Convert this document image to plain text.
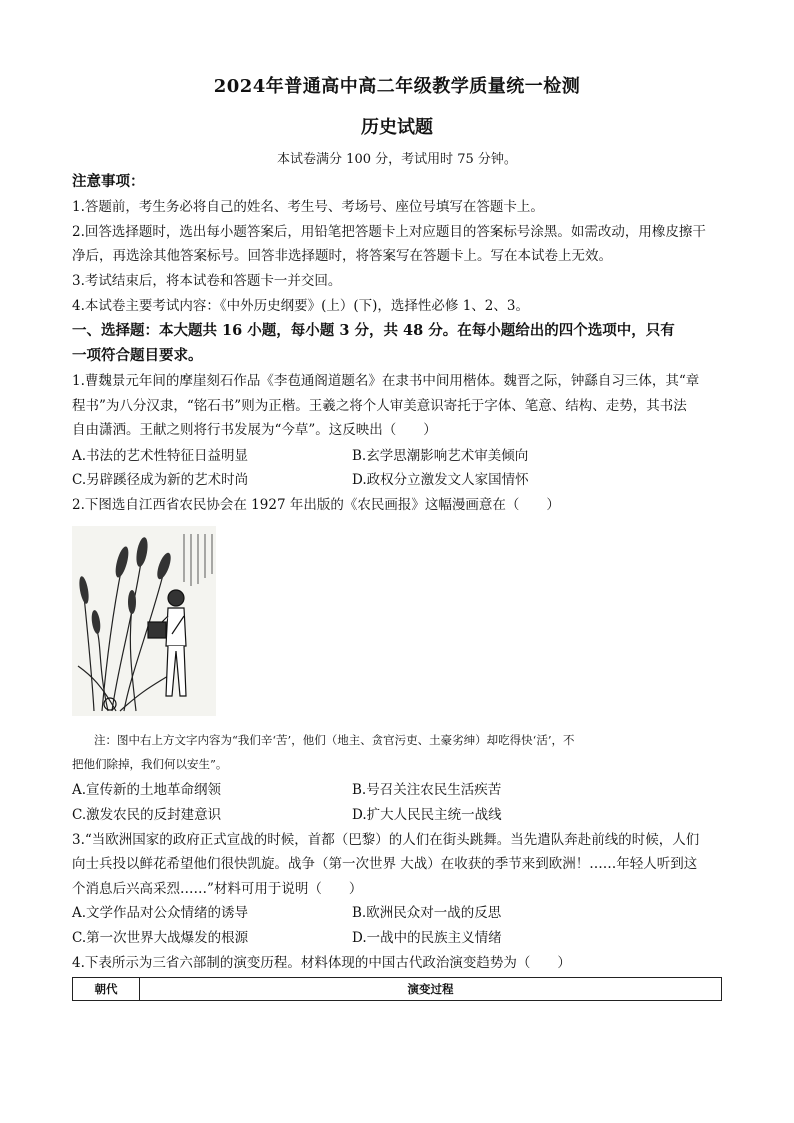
2024年普通高中高二年级教学质量统一检测
历史试题
本试卷满分 100 分，考试用时 75 分钟。
注意事项：
1.答题前，考生务必将自己的姓名、考生号、考场号、座位号填写在答题卡上。
2.回答选择题时，选出每小题答案后，用铅笔把答题卡上对应题目的答案标号涂黑。如需改动，用橡皮擦干
净后，再选涂其他答案标号。回答非选择题时，将答案写在答题卡上。写在本试卷上无效。
3.考试结束后，将本试卷和答题卡一并交回。
4.本试卷主要考试内容：《中外历史纲要》(上）(下)，选择性必修 1、2、3。
一、选择题：本大题共 16 小题，每小题 3 分，共 48 分。在每小题给出的四个选项中，只有
一项符合题目要求。
1.曹魏景元年间的摩崖刻石作品《李苞通阁道题名》在隶书中间用楷体。魏晋之际，钟繇自习三体，其“章
程书”为八分汉隶，“铭石书”则为正楷。王羲之将个人审美意识寄托于字体、笔意、结构、走势，其书法
自由潇洒。王献之则将行书发展为“今草”。这反映出（　　）
A.书法的艺术性特征日益明显	B.玄学思潮影响艺术审美倾向
C.另辟蹊径成为新的艺术时尚	D.政权分立激发文人家国情怀
2.下图选自江西省农民协会在 1927 年出版的《农民画报》这幅漫画意在（　　）
注：图中右上方文字内容为“我们辛‘苦’，他们（地主、贪官污吏、土豪劣绅）却吃得快‘活’，不
把他们除掉，我们何以安生”。
A.宣传新的土地革命纲领	B.号召关注农民生活疾苦
C.激发农民的反封建意识	D.扩大人民民主统一战线
3.“当欧洲国家的政府正式宣战的时候，首都（巴黎）的人们在街头跳舞。当先遣队奔赴前线的时候，人们
向士兵投以鲜花希望他们很快凯旋。战争（第一次世界 大战）在收获的季节来到欧洲！……年轻人听到这
个消息后兴高采烈……”材料可用于说明（　　）
A.文学作品对公众情绪的诱导	B.欧洲民众对一战的反思
C.第一次世界大战爆发的根源	D.一战中的民族主义情绪
4.下表所示为三省六部制的演变历程。材料体现的中国古代政治演变趋势为（　　）
朝代	演变过程
